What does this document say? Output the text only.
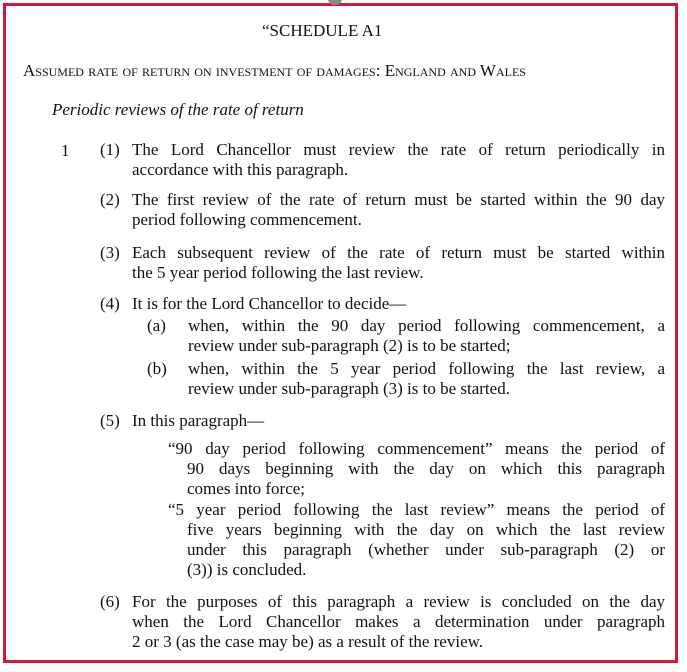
“SCHEDULE A1
Assumed rate of return on investment of damages: England and Wales
Periodic reviews of the rate of return
1 (1) The Lord Chancellor must review the rate of return periodically in
accordance with this paragraph.
(2) The first review of the rate of return must be started within the 90 day
period following commencement.
(3) Each subsequent review of the rate of return must be started within
the 5 year period following the last review.
(4) It is for the Lord Chancellor to decide—
(a) when, within the 90 day period following commencement, a
review under sub-paragraph (2) is to be started;
(b) when, within the 5 year period following the last review, a
review under sub-paragraph (3) is to be started.
(5) In this paragraph—
“90 day period following commencement” means the period of
90 days beginning with the day on which this paragraph
comes into force;
“5 year period following the last review” means the period of
five years beginning with the day on which the last review
under this paragraph (whether under sub-paragraph (2) or
(3)) is concluded.
(6) For the purposes of this paragraph a review is concluded on the day
when the Lord Chancellor makes a determination under paragraph
2 or 3 (as the case may be) as a result of the review.
